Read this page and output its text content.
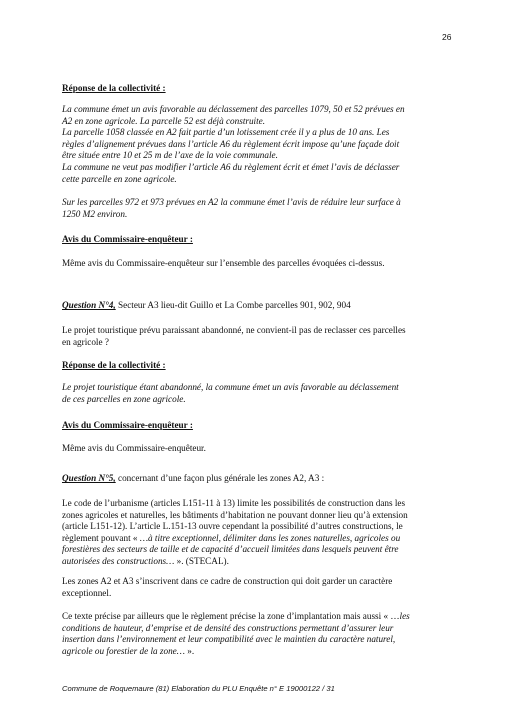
26
Réponse de la collectivité :
La commune émet un avis favorable au déclassement des parcelles 1079, 50 et 52 prévues en
A2 en zone agricole. La parcelle 52 est déjà construite.
La parcelle 1058 classée en A2 fait partie d’un lotissement crée il y a plus de 10 ans. Les
règles d’alignement prévues dans l’article A6 du règlement écrit impose qu’une façade doit
être située entre 10 et 25 m de l’axe de la voie communale.
La commune ne veut pas modifier l’article A6 du règlement écrit et émet l’avis de déclasser
cette parcelle en zone agricole.
Sur les parcelles 972 et 973 prévues en A2 la commune émet l’avis de réduire leur surface à
1250 M2 environ.
Avis du Commissaire-enquêteur :
Même avis du Commissaire-enquêteur sur l’ensemble des parcelles évoquées ci-dessus.
Question N°4, Secteur A3 lieu-dit Guillo et La Combe parcelles 901, 902, 904
Le projet touristique prévu paraissant abandonné, ne convient-il pas de reclasser ces parcelles
en agricole ?
Réponse de la collectivité :
Le projet touristique étant abandonné, la commune émet un avis favorable au déclassement
de ces parcelles en zone agricole.
Avis du Commissaire-enquêteur :
Même avis du Commissaire-enquêteur.
Question N°5, concernant d’une façon plus générale les zones A2, A3 :
Le code de l’urbanisme (articles L151-11 à 13) limite les possibilités de construction dans les
zones agricoles et naturelles, les bâtiments d’habitation ne pouvant donner lieu qu’à extension
(article L151-12). L’article L.151-13 ouvre cependant la possibilité d’autres constructions, le
règlement pouvant « …à titre exceptionnel, délimiter dans les zones naturelles, agricoles ou
forestières des secteurs de taille et de capacité d’accueil limitées dans lesquels peuvent être
autorisées des constructions… ». (STECAL).
Les zones A2 et A3 s’inscrivent dans ce cadre de construction qui doit garder un caractère
exceptionnel.
Ce texte précise par ailleurs que le règlement précise la zone d’implantation mais aussi « …les
conditions de hauteur, d’emprise et de densité des constructions permettant d’assurer leur
insertion dans l’environnement et leur compatibilité avec le maintien du caractère naturel,
agricole ou forestier de la zone… ».
Commune de Roquemaure (81) Elaboration du PLU Enquête n° E 19000122 / 31
